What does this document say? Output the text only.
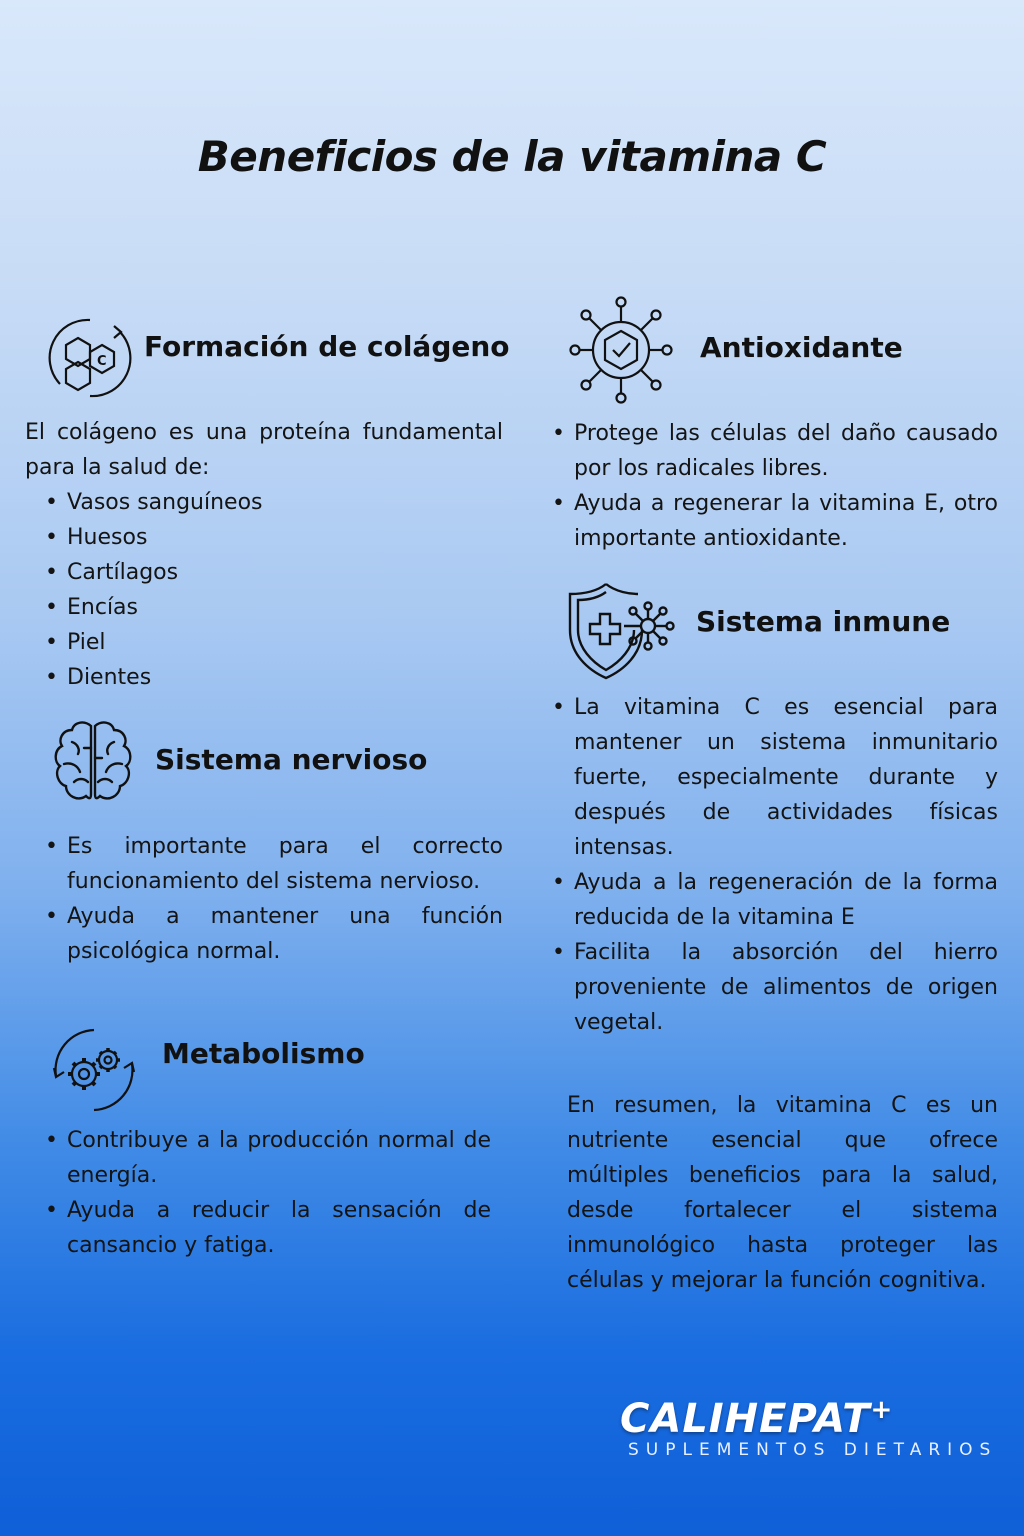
Beneficios de la vitamina C
C Formación de colágeno

El colágeno es una proteína fundamental para la salud de:

• Vasos sanguíneos
• Huesos
• Cartílagos
• Encías
• Piel
• Dientes
Sistema nervioso
• Es importante para el correcto funcionamiento del sistema nervioso.
• Ayuda a mantener una función psicológica normal.
Metabolismo
• Contribuye a la producción normal de energía.
• Ayuda a reducir la sensación de cansancio y fatiga.
Antioxidante
• Protege las células del daño causado por los radicales libres.
• Ayuda a regenerar la vitamina E, otro importante antioxidante.
Sistema inmune
• La vitamina C es esencial para mantener un sistema inmunitario fuerte, especialmente durante y después de actividades físicas intensas.
• Ayuda a la regeneración de la forma reducida de la vitamina E
• Facilita la absorción del hierro proveniente de alimentos de origen vegetal.

En resumen, la vitamina C es un nutriente esencial que ofrece múltiples beneficios para la salud, desde fortalecer el sistema inmunológico hasta proteger las células y mejorar la función cognitiva.

CALIHEPAT+
SUPLEMENTOS DIETARIOS
